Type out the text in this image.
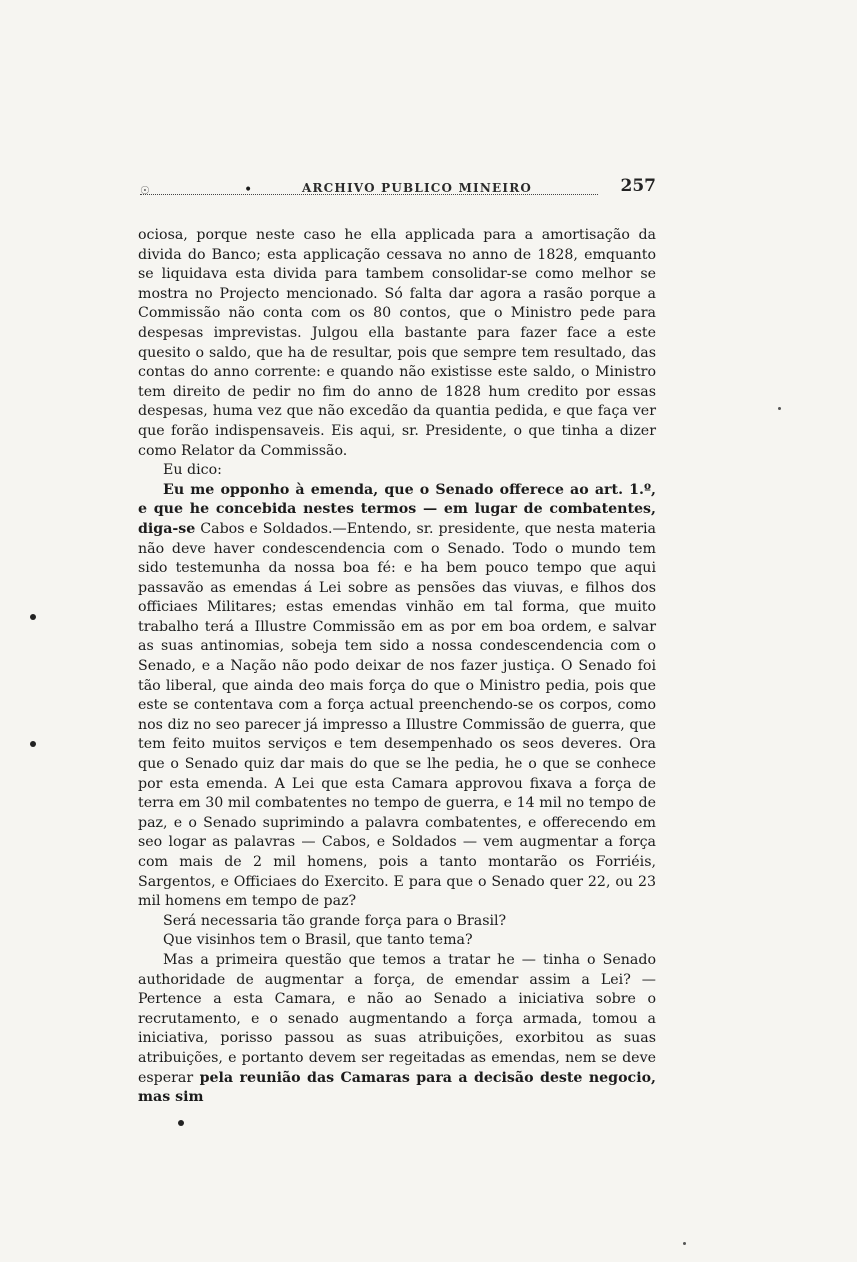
☉	•	ARCHIVO PUBLICO MINEIRO	257

ociosa, porque neste caso he ella applicada para a amortisação da divida do Banco; esta applicação cessava no anno de 1828, emquanto se liquidava esta divida para tambem consolidar-se como melhor se mostra no Projecto mencionado. Só falta dar agora a rasão porque a Commissão não conta com os 80 contos, que o Ministro pede para despesas imprevistas. Julgou ella bastante para fazer face a este quesito o saldo, que ha de resultar, pois que sempre tem resultado, das contas do anno corrente: e quando não existisse este saldo, o Ministro tem direito de pedir no fim do anno de 1828 hum credito por essas despesas, huma vez que não excedão da quantia pedida, e que faça ver que forão indispensaveis. Eis aqui, sr. Presidente, o que tinha a dizer como Relator da Commissão.

Eu dico:

Eu me opponho à emenda, que o Senado offerece ao art. 1.º, e que he concebida nestes termos — em lugar de combatentes, diga-se Cabos e Soldados.—Entendo, sr. presidente, que nesta materia não deve haver condescendencia com o Senado. Todo o mundo tem sido testemunha da nossa boa fé: e ha bem pouco tempo que aqui passavão as emendas á Lei sobre as pensões das viuvas, e filhos dos officiaes Militares; estas emendas vinhão em tal forma, que muito trabalho terá a Illustre Commissão em as por em boa ordem, e salvar as suas antinomias, sobeja tem sido a nossa condescendencia com o Senado, e a Nação não podo deixar de nos fazer justiça. O Senado foi tão liberal, que ainda deo mais força do que o Ministro pedia, pois que este se contentava com a força actual preenchendo-se os corpos, como nos diz no seo parecer já impresso a Illustre Commissão de guerra, que tem feito muitos serviços e tem desempenhado os seos deveres. Ora que o Senado quiz dar mais do que se lhe pedia, he o que se conhece por esta emenda. A Lei que esta Camara approvou fixava a força de terra em 30 mil combatentes no tempo de guerra, e 14 mil no tempo de paz, e o Senado suprimindo a palavra combatentes, e offerecendo em seo logar as palavras — Cabos, e Soldados — vem augmentar a força com mais de 2 mil homens, pois a tanto montarão os Forriéis, Sargentos, e Officiaes do Exercito. E para que o Senado quer 22, ou 23 mil homens em tempo de paz?

Será necessaria tão grande força para o Brasil?

Que visinhos tem o Brasil, que tanto tema?

Mas a primeira questão que temos a tratar he — tinha o Senado authoridade de augmentar a força, de emendar assim a Lei? — Pertence a esta Camara, e não ao Senado a iniciativa sobre o recrutamento, e o senado augmentando a força armada, tomou a iniciativa, porisso passou as suas atribuições, exorbitou as suas atribuições, e portanto devem ser regeitadas as emendas, nem se deve esperar pela reunião das Camaras para a decisão deste negocio, mas sim
